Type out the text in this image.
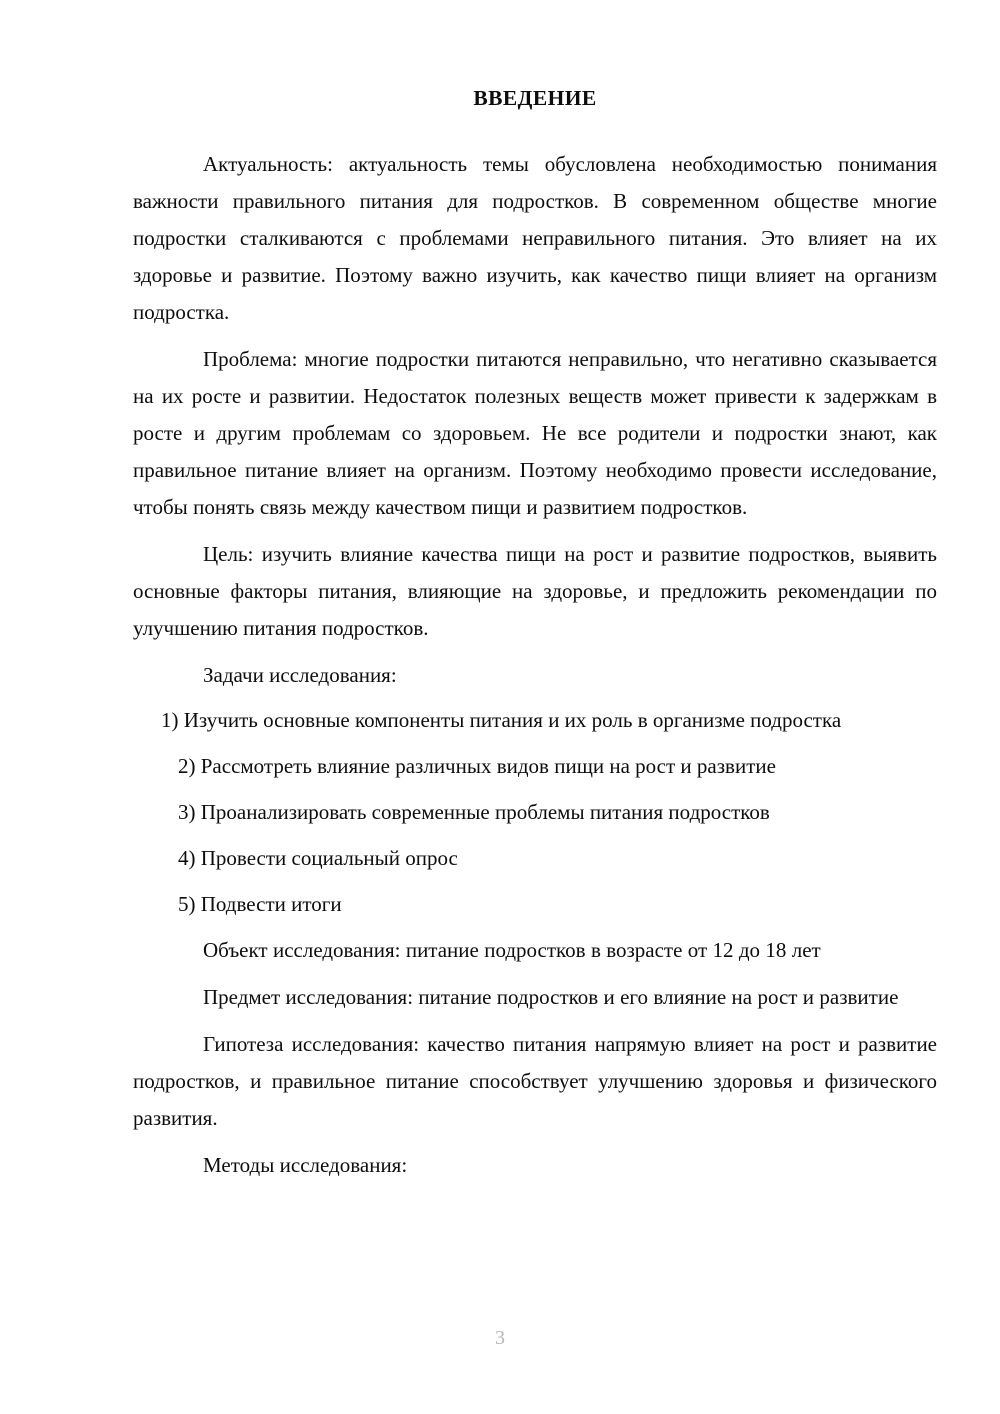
ВВЕДЕНИЕ

Актуальность: актуальность темы обусловлена необходимостью понимания важности правильного питания для подростков. В современном обществе многие подростки сталкиваются с проблемами неправильного питания. Это влияет на их здоровье и развитие. Поэтому важно изучить, как качество пищи влияет на организм подростка.

Проблема: многие подростки питаются неправильно, что негативно сказывается на их росте и развитии. Недостаток полезных веществ может привести к задержкам в росте и другим проблемам со здоровьем. Не все родители и подростки знают, как правильное питание влияет на организм. Поэтому необходимо провести исследование, чтобы понять связь между качеством пищи и развитием подростков.

Цель: изучить влияние качества пищи на рост и развитие подростков, выявить основные факторы питания, влияющие на здоровье, и предложить рекомендации по улучшению питания подростков.

Задачи исследования:

1) Изучить основные компоненты питания и их роль в организме подростка

2) Рассмотреть влияние различных видов пищи на рост и развитие

3) Проанализировать современные проблемы питания подростков

4) Провести социальный опрос

5) Подвести итоги

Объект исследования: питание подростков в возрасте от 12 до 18 лет

Предмет исследования: питание подростков и его влияние на рост и развитие

Гипотеза исследования: качество питания напрямую влияет на рост и развитие подростков, и правильное питание способствует улучшению здоровья и физического развития.

Методы исследования:

3
